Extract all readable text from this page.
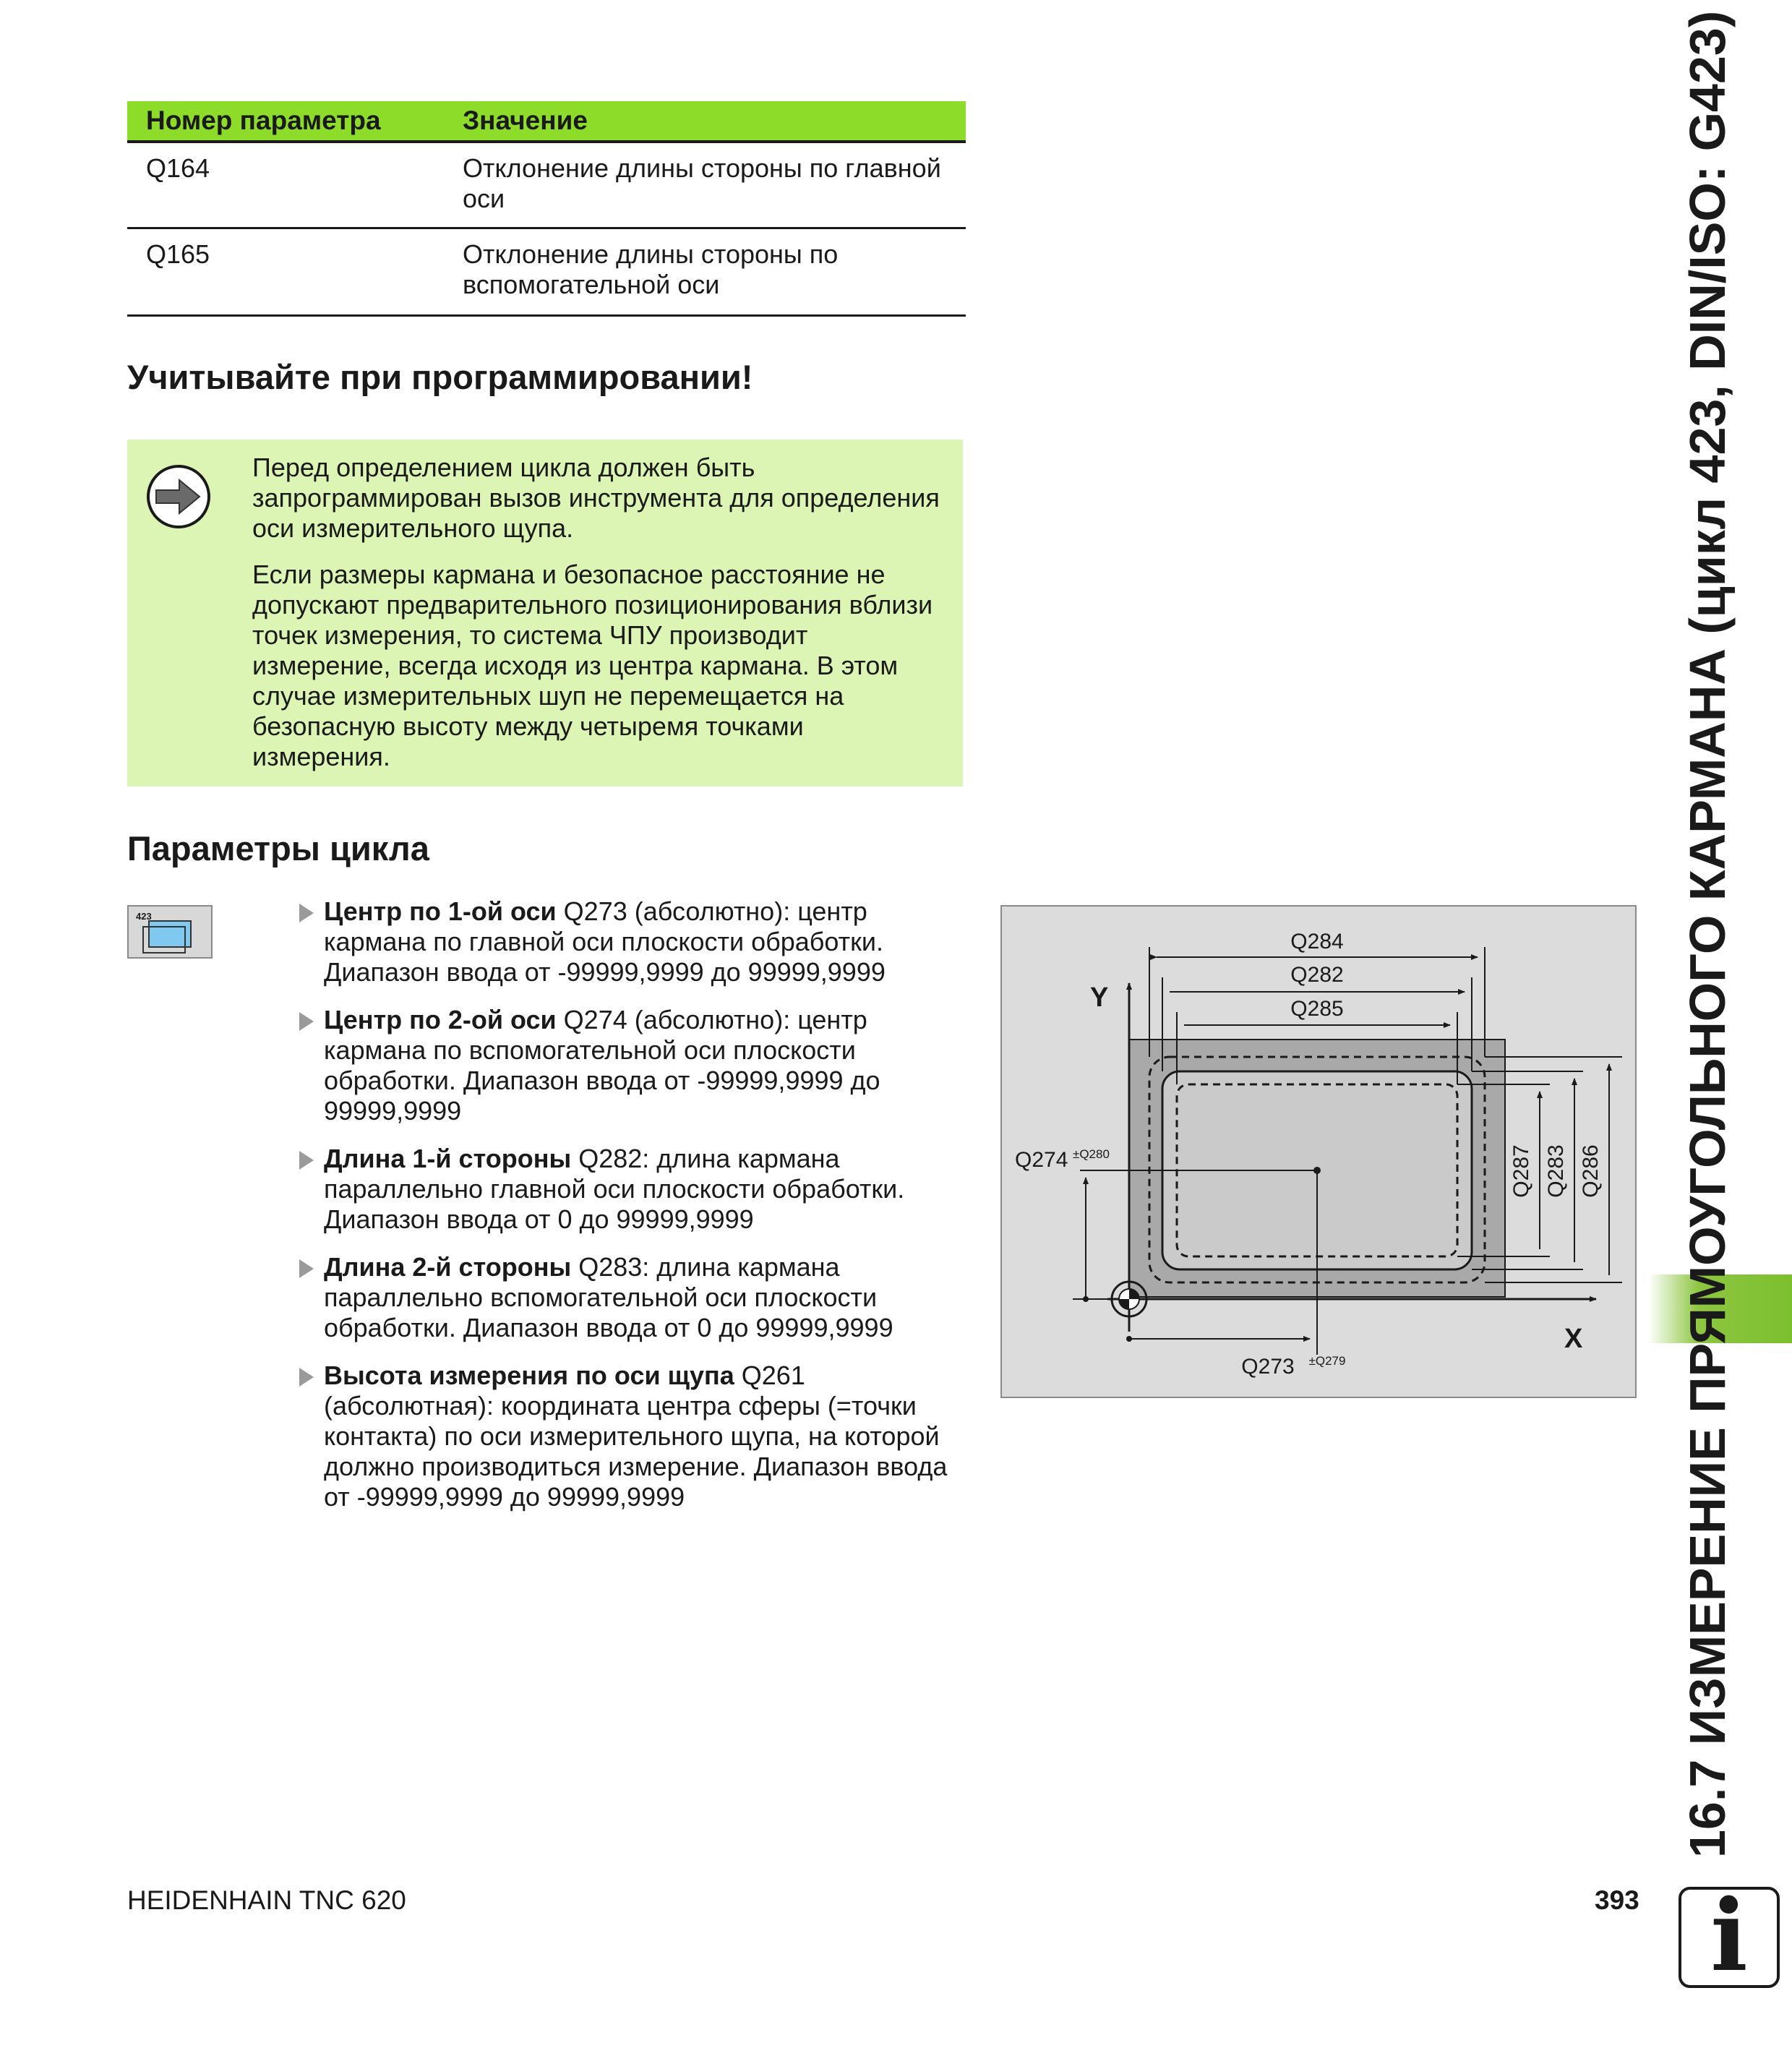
Номер параметра	Значение
Q164	Отклонение длины стороны по главной оси
Q165	Отклонение длины стороны по вспомогательной оси
Учитывайте при программировании!

Перед определением цикла должен быть запрограммирован вызов инструмента для определения оси измерительного щупа.

Если размеры кармана и безопасное расстояние не допускают предварительного позиционирования вблизи точек измерения, то система ЧПУ производит измерение, всегда исходя из центра кармана. В этом случае измерительных шуп не перемещается на безопасную высоту между четыремя точками измерения.

Параметры цикла
423	Центр по 1-ой оси Q273 (абсолютно): центр кармана по главной оси плоскости обработки. Диапазон ввода от -99999,9999 до 99999,9999
Центр по 2-ой оси Q274 (абсолютно): центр кармана по вспомогательной оси плоскости обработки. Диапазон ввода от -99999,9999 до 99999,9999
Длина 1-й стороны Q282: длина кармана параллельно главной оси плоскости обработки. Диапазон ввода от 0 до 99999,9999
Длина 2-й стороны Q283: длина кармана параллельно вспомогательной оси плоскости обработки. Диапазон ввода от 0 до 99999,9999
Высота измерения по оси щупа Q261 (абсолютная): координата центра сферы (=точки контакта) по оси измерительного щупа, на которой должно производиться измерение. Диапазон ввода от -99999,9999 до 99999,9999
Y
X
Q284
Q282
Q285
Q287 Q283 Q286
Q274 ±Q280
Q273 ±Q279	16.7 ИЗМЕРЕНИЕ ПРЯМОУГОЛЬНОГО КАРМАНА (цикл 423, DIN/ISO: G423)
HEIDENHAIN TNC 620	393 i
